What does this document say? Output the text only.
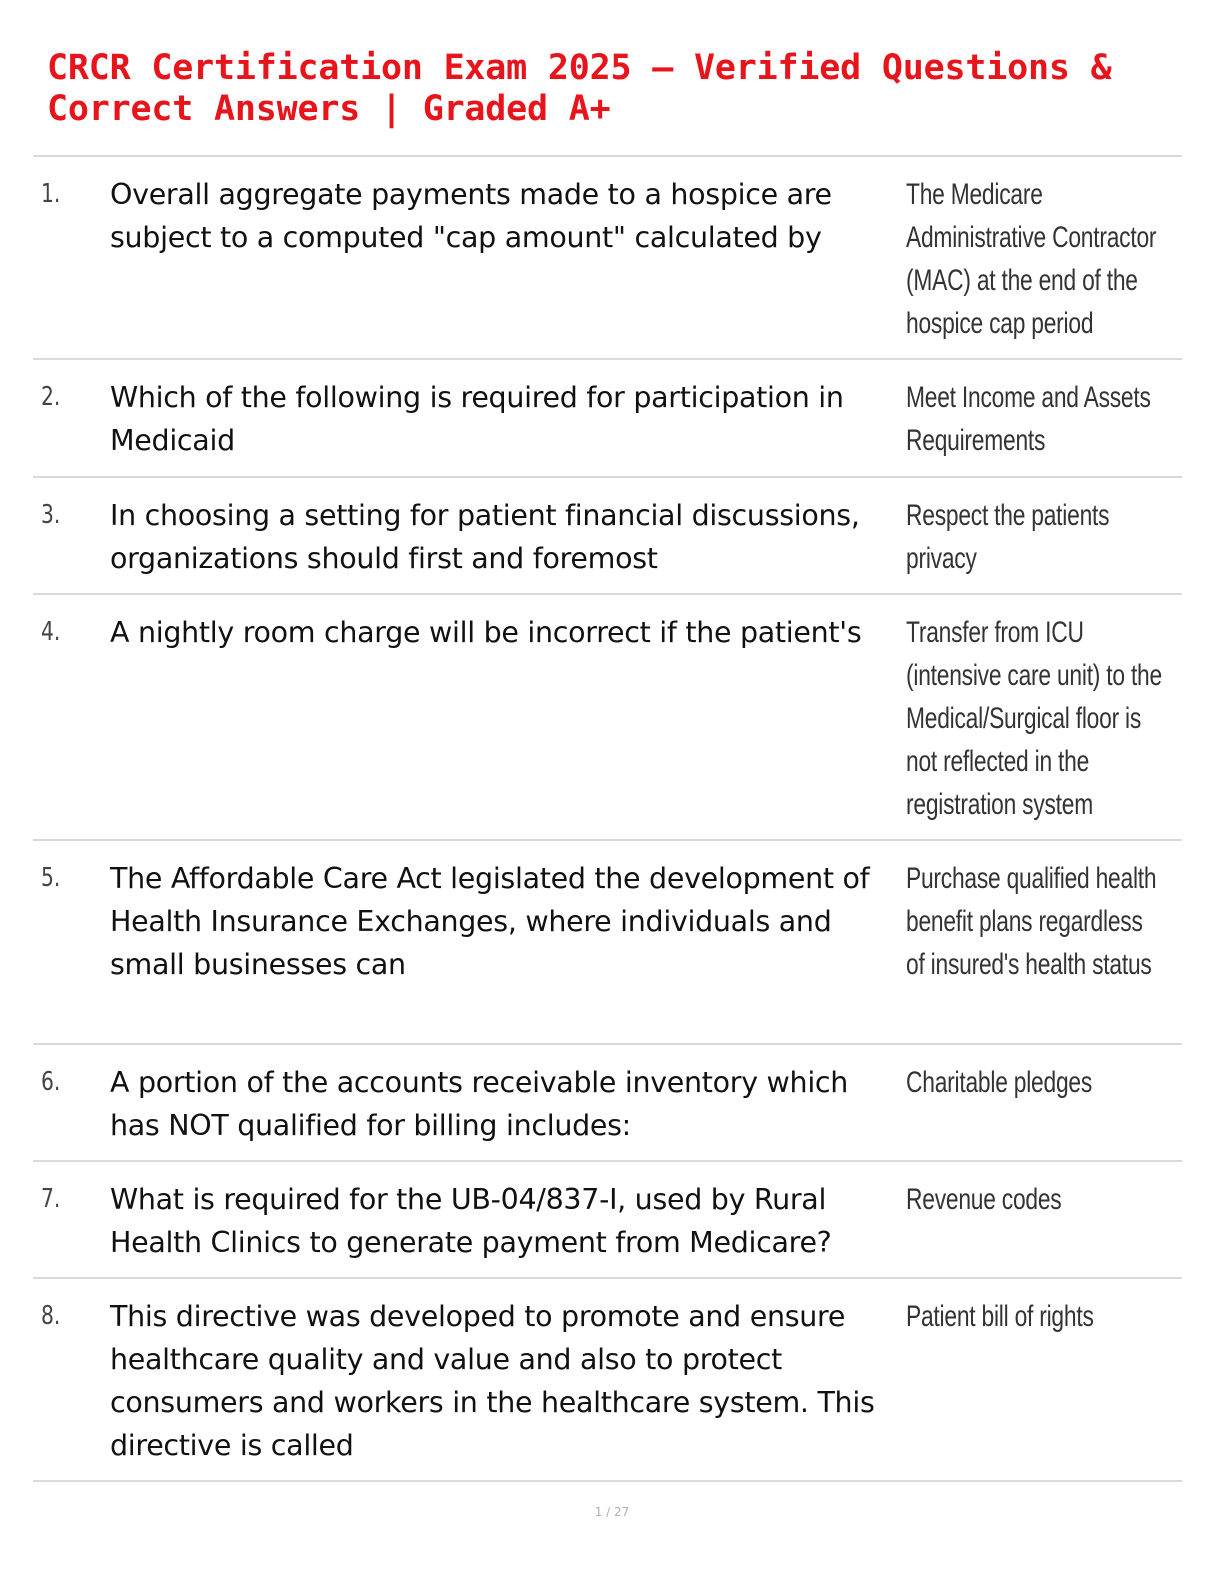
CRCR Certification Exam 2025 – Verified Questions & Correct Answers | Graded A+
1. Overall aggregate payments made to a hospice are subject to a computed "cap amount" calculated by
The Medicare Administrative Contractor (MAC) at the end of the hospice cap period
2. Which of the following is required for participation in Medicaid
Meet Income and Assets Requirements
3. In choosing a setting for patient financial discussions, organizations should first and foremost
Respect the patients privacy
4. A nightly room charge will be incorrect if the patient's	Transfer from ICU (intensive care unit) to the Medical/Surgical floor is not reflected in the registration system
5. The Affordable Care Act legislated the development of Health Insurance Exchanges, where individuals and small businesses can
Purchase qualified health benefit plans regardless of insured's health status
6. A portion of the accounts receivable inventory which has NOT qualified for billing includes:
Charitable pledges
7. What is required for the UB-04/837-I, used by Rural Health Clinics to generate payment from Medicare?
Revenue codes
8. This directive was developed to promote and ensure healthcare quality and value and also to protect consumers and workers in the healthcare system. This directive is called
Patient bill of rights
1 / 27
